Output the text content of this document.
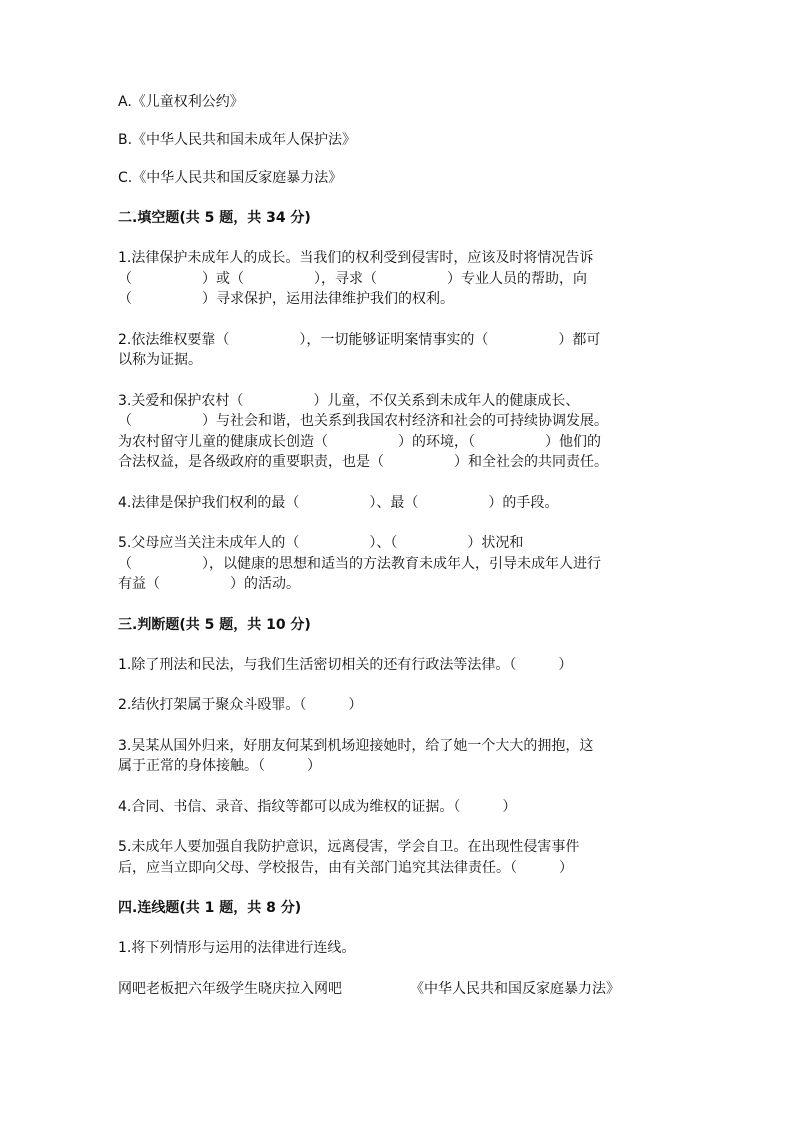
A.《儿童权利公约》
B.《中华人民共和国未成年人保护法》
C.《中华人民共和国反家庭暴力法》
二.填空题(共 5 题，共 34 分)
1.法律保护未成年人的成长。当我们的权利受到侵害时，应该及时将情况告诉
（　　　　　）或（　　　　　），寻求（　　　　　）专业人员的帮助，向
（　　　　　）寻求保护，运用法律维护我们的权利。
2.依法维权要靠（　　　　　），一切能够证明案情事实的（　　　　　）都可
以称为证据。
3.关爱和保护农村（　　　　　）儿童，不仅关系到未成年人的健康成长、
（　　　　　）与社会和谐，也关系到我国农村经济和社会的可持续协调发展。
为农村留守儿童的健康成长创造（　　　　　）的环境，（　　　　　）他们的
合法权益，是各级政府的重要职责，也是（　　　　　）和全社会的共同责任。
4.法律是保护我们权利的最（　　　　　）、最（　　　　　）的手段。
5.父母应当关注未成年人的（　　　　　）、（　　　　　）状况和
（　　　　　），以健康的思想和适当的方法教育未成年人，引导未成年人进行
有益（　　　　　）的活动。
三.判断题(共 5 题，共 10 分)
1.除了刑法和民法，与我们生活密切相关的还有行政法等法律。（　　　）
2.结伙打架属于聚众斗殴罪。（　　　）
3.吴某从国外归来，好朋友何某到机场迎接她时，给了她一个大大的拥抱，这
属于正常的身体接触。（　　　）
4.合同、书信、录音、指纹等都可以成为维权的证据。（　　　）
5.未成年人要加强自我防护意识，远离侵害，学会自卫。在出现性侵害事件
后，应当立即向父母、学校报告，由有关部门追究其法律责任。（　　　）
四.连线题(共 1 题，共 8 分)
1.将下列情形与运用的法律进行连线。
网吧老板把六年级学生晓庆拉入网吧	《中华人民共和国反家庭暴力法》
